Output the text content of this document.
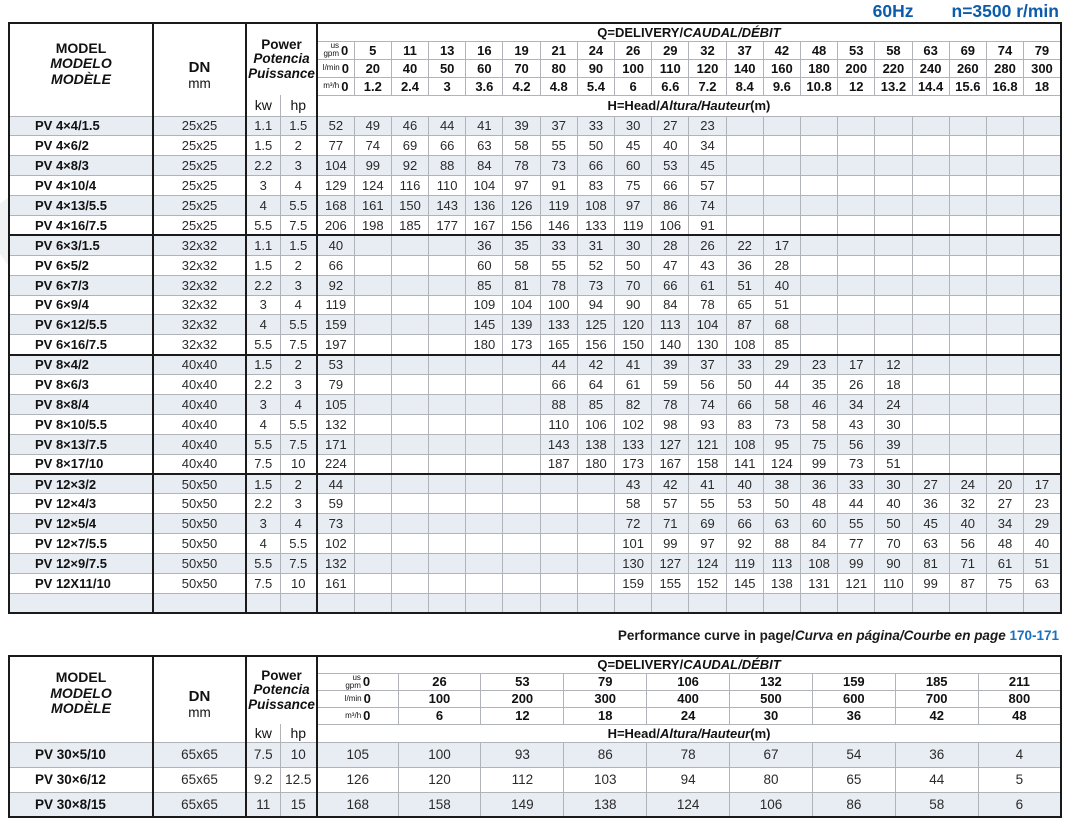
60Hz n=3500 r/min
MODEL
MODELO
MODÈLE

DN
mm

Power
Potencia
Puissance
	Q=DELIVERY/CAUDAL/DÉBIT

				us
gpm 0	5	11	13	16	19	21	24	26	29	32	37	42	48	53	58	63	69	74	79

				l/min 0	20	40	50	60	70	80	90	100	110	120	140	160	180	200	220	240	260	280	300

				m³/h 0	1.2	2.4	3	3.6	4.2	4.8	5.4	6	6.6	7.2	8.4	9.6	10.8	12	13.2	14.4	15.6	16.8	18
		kw	hp	H=Head/Altura/Hauteur(m)																			
PV 4×4/1.5	25x25	1.1	1.5	52	49	46	44	41	39	37	33	30	27	23									
PV 4×6/2	25x25	1.5	2	77	74	69	66	63	58	55	50	45	40	34									
PV 4×8/3	25x25	2.2	3	104	99	92	88	84	78	73	66	60	53	45									
PV 4×10/4	25x25	3	4	129	124	116	110	104	97	91	83	75	66	57									
PV 4×13/5.5	25x25	4	5.5	168	161	150	143	136	126	119	108	97	86	74									
PV 4×16/7.5	25x25	5.5	7.5	206	198	185	177	167	156	146	133	119	106	91									
PV 6×3/1.5	32x32	1.1	1.5	40				36	35	33	31	30	28	26	22	17							
PV 6×5/2	32x32	1.5	2	66				60	58	55	52	50	47	43	36	28							
PV 6×7/3	32x32	2.2	3	92				85	81	78	73	70	66	61	51	40							
PV 6×9/4	32x32	3	4	119				109	104	100	94	90	84	78	65	51							
PV 6×12/5.5	32x32	4	5.5	159				145	139	133	125	120	113	104	87	68							
PV 6×16/7.5	32x32	5.5	7.5	197				180	173	165	156	150	140	130	108	85							
PV 8×4/2	40x40	1.5	2	53						44	42	41	39	37	33	29	23	17	12				
PV 8×6/3	40x40	2.2	3	79						66	64	61	59	56	50	44	35	26	18				
PV 8×8/4	40x40	3	4	105						88	85	82	78	74	66	58	46	34	24				
PV 8×10/5.5	40x40	4	5.5	132						110	106	102	98	93	83	73	58	43	30				
PV 8×13/7.5	40x40	5.5	7.5	171						143	138	133	127	121	108	95	75	56	39				
PV 8×17/10	40x40	7.5	10	224						187	180	173	167	158	141	124	99	73	51				
PV 12×3/2	50x50	1.5	2	44								43	42	41	40	38	36	33	30	27	24	20	17
PV 12×4/3	50x50	2.2	3	59								58	57	55	53	50	48	44	40	36	32	27	23
PV 12×5/4	50x50	3	4	73								72	71	69	66	63	60	55	50	45	40	34	29
PV 12×7/5.5	50x50	4	5.5	102								101	99	97	92	88	84	77	70	63	56	48	40
PV 12×9/7.5	50x50	5.5	7.5	132								130	127	124	119	113	108	99	90	81	71	61	51
PV 12X11/10	50x50	7.5	10	161								159	155	152	145	138	131	121	110	99	87	75	63

Performance curve in page/Curva en página/Courbe en page 170-171
MODEL
MODELO
MODÈLE

DN
mm

Power
Potencia
Puissance
	Q=DELIVERY/CAUDAL/DÉBIT

				us
gpm 0	26	53	79	106	132	159	185	211

				l/min 0	100	200	300	400	500	600	700	800

				m³/h 0	6	12	18	24	30	36	42	48
		kw	hp	H=Head/Altura/Hauteur(m)								
PV 30×5/10	65x65	7.5	10	105	100	93	86	78	67	54	36	4
PV 30×6/12	65x65	9.2	12.5	126	120	112	103	94	80	65	44	5
PV 30×8/15	65x65	11	15	168	158	149	138	124	106	86	58	6
